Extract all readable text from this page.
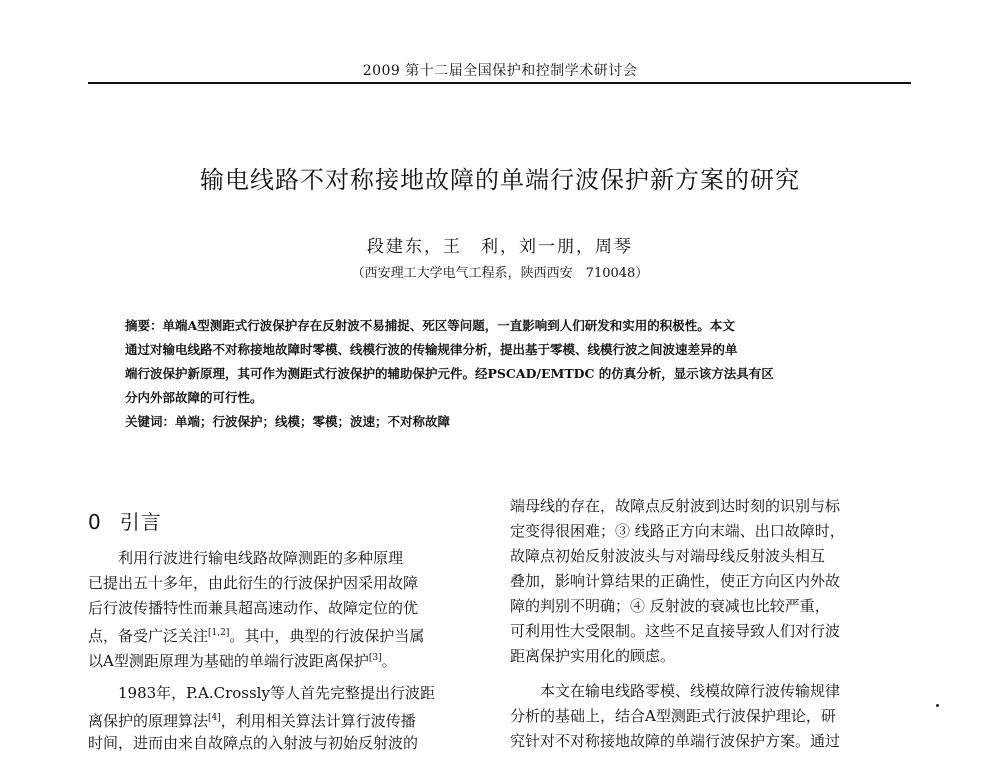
2009 第十二届全国保护和控制学术研讨会
输电线路不对称接地故障的单端行波保护新方案的研究
段建东，王　利，刘一朋，周琴
（西安理工大学电气工程系，陕西西安　710048）
摘要：单端A型测距式行波保护存在反射波不易捕捉、死区等问题，一直影响到人们研发和实用的积极性。本文
通过对输电线路不对称接地故障时零模、线模行波的传输规律分析，提出基于零模、线模行波之间波速差异的单
端行波保护新原理，其可作为测距式行波保护的辅助保护元件。经PSCAD/EMTDC 的仿真分析，显示该方法具有区
分内外部故障的可行性。
关键词：单端；行波保护；线模；零模；波速；不对称故障
0 引言
利用行波进行输电线路故障测距的多种原理
已提出五十多年，由此衍生的行波保护因采用故障
后行波传播特性而兼具超高速动作、故障定位的优
点，备受广泛关注[1,2]。其中，典型的行波保护当属
以A型测距原理为基础的单端行波距离保护[3]。
1983年，P.A.Crossly等人首先完整提出行波距
离保护的原理算法[4]，利用相关算法计算行波传播
时间，进而由来自故障点的入射波与初始反射波的
端母线的存在，故障点反射波到达时刻的识别与标
定变得很困难；③ 线路正方向末端、出口故障时，
故障点初始反射波波头与对端母线反射波头相互
叠加，影响计算结果的正确性，使正方向区内外故
障的判别不明确；④ 反射波的衰减也比较严重，
可利用性大受限制。这些不足直接导致人们对行波
距离保护实用化的顾虑。
本文在输电线路零模、线模故障行波传输规律
分析的基础上，结合A型测距式行波保护理论，研
究针对不对称接地故障的单端行波保护方案。通过
